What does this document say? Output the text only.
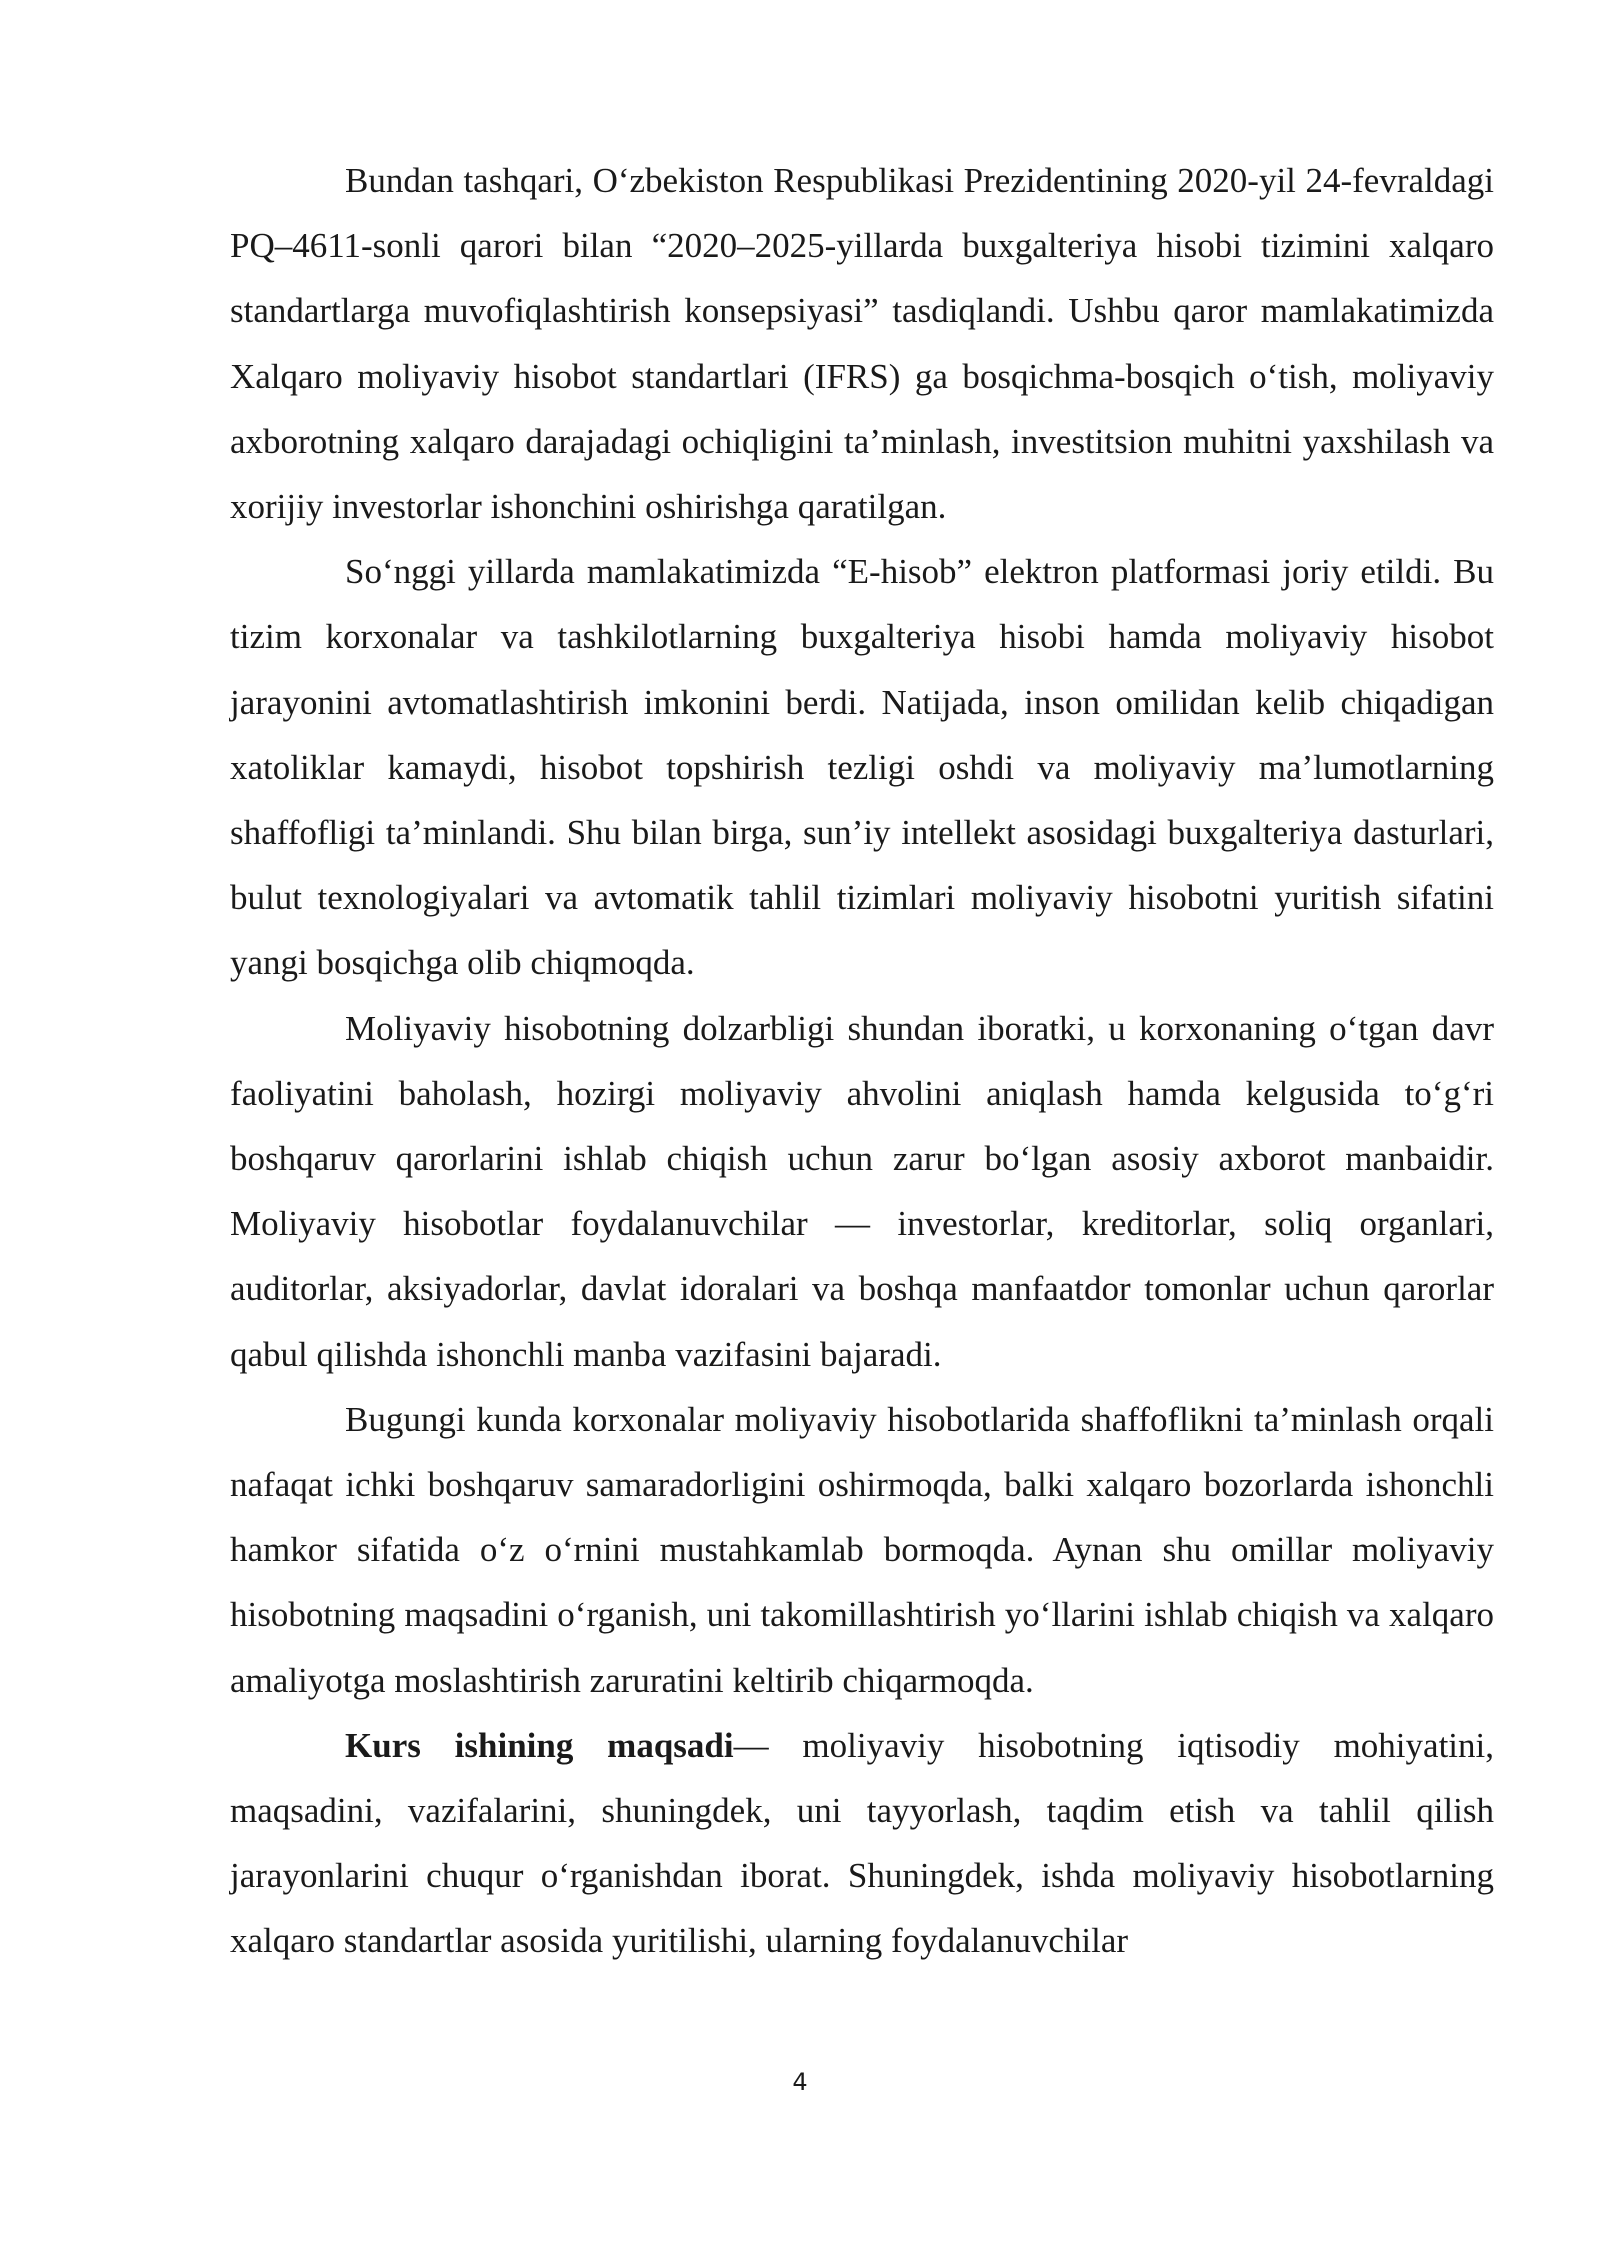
Bundan tashqari, O‘zbekiston Respublikasi Prezidentining 2020-yil 24-fevraldagi PQ–4611-sonli qarori bilan “2020–2025-yillarda buxgalteriya hisobi tizimini xalqaro standartlarga muvofiqlashtirish konsepsiyasi” tasdiqlandi. Ushbu qaror mamlakatimizda Xalqaro moliyaviy hisobot standartlari (IFRS) ga bosqichma-bosqich o‘tish, moliyaviy axborotning xalqaro darajadagi ochiqligini ta’minlash, investitsion muhitni yaxshilash va xorijiy investorlar ishonchini oshirishga qaratilgan.

So‘nggi yillarda mamlakatimizda “E-hisob” elektron platformasi joriy etildi. Bu tizim korxonalar va tashkilotlarning buxgalteriya hisobi hamda moliyaviy hisobot jarayonini avtomatlashtirish imkonini berdi. Natijada, inson omilidan kelib chiqadigan xatoliklar kamaydi, hisobot topshirish tezligi oshdi va moliyaviy ma’lumotlarning shaffofligi ta’minlandi. Shu bilan birga, sun’iy intellekt asosidagi buxgalteriya dasturlari, bulut texnologiyalari va avtomatik tahlil tizimlari moliyaviy hisobotni yuritish sifatini yangi bosqichga olib chiqmoqda.

Moliyaviy hisobotning dolzarbligi shundan iboratki, u korxonaning o‘tgan davr faoliyatini baholash, hozirgi moliyaviy ahvolini aniqlash hamda kelgusida to‘g‘ri boshqaruv qarorlarini ishlab chiqish uchun zarur bo‘lgan asosiy axborot manbaidir. Moliyaviy hisobotlar foydalanuvchilar — investorlar, kreditorlar, soliq organlari, auditorlar, aksiyadorlar, davlat idoralari va boshqa manfaatdor tomonlar uchun qarorlar qabul qilishda ishonchli manba vazifasini bajaradi.

Bugungi kunda korxonalar moliyaviy hisobotlarida shaffoflikni ta’minlash orqali nafaqat ichki boshqaruv samaradorligini oshirmoqda, balki xalqaro bozorlarda ishonchli hamkor sifatida o‘z o‘rnini mustahkamlab bormoqda. Aynan shu omillar moliyaviy hisobotning maqsadini o‘rganish, uni takomillashtirish yo‘llarini ishlab chiqish va xalqaro amaliyotga moslashtirish zaruratini keltirib chiqarmoqda.

Kurs ishining maqsadi— moliyaviy hisobotning iqtisodiy mohiyatini, maqsadini, vazifalarini, shuningdek, uni tayyorlash, taqdim etish va tahlil qilish jarayonlarini chuqur o‘rganishdan iborat. Shuningdek, ishda moliyaviy hisobotlarning xalqaro standartlar asosida yuritilishi, ularning foydalanuvchilar

4
